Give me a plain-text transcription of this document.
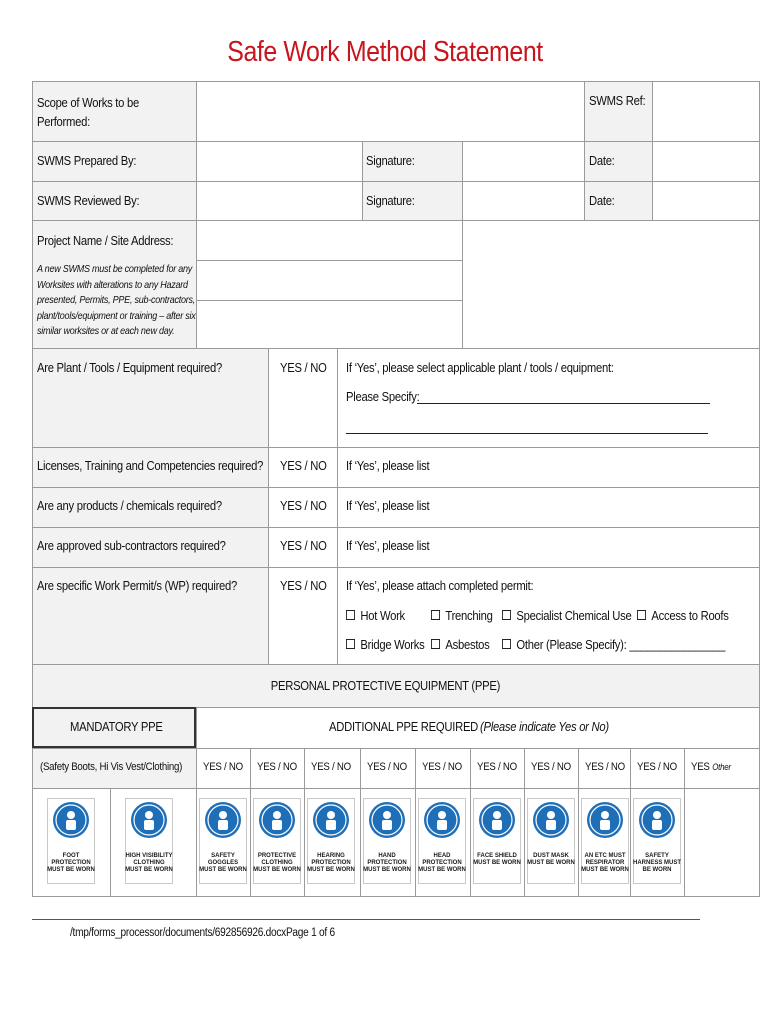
Safe Work Method Statement
Scope of Works to be Performed:
SWMS Ref:
SWMS Prepared By:	Signature:	Date:
SWMS Reviewed By:	Signature:	Date:
Project Name / Site Address:
A new SWMS must be completed for any Worksites with alterations to any Hazard presented, Permits, PPE, sub-contractors, plant/tools/equipment or training – after six similar worksites or at each new day.
Are Plant / Tools / Equipment required?	YES / NO If ‘Yes’, please select applicable plant / tools / equipment:
Please Specify:
Licenses, Training and Competencies required? YES / NO If ‘Yes’, please list
Are any products / chemicals required?	YES / NO If ‘Yes’, please list
Are approved sub-contractors required?	YES / NO If ‘Yes’, please list
Are specific Work Permit/s (WP) required?	YES / NO If ‘Yes’, please attach completed permit:
Hot Work	Trenching	Specialist Chemical Use	Access to Roofs
Bridge Works	Asbestos	Other (Please Specify): ________________
PERSONAL PROTECTIVE EQUIPMENT (PPE)
MANDATORY PPE	ADDITIONAL PPE REQUIRED (Please indicate Yes or No)
(Safety Boots, Hi Vis Vest/Clothing) YES / NO YES / NO YES / NO YES / NO YES / NO YES / NO YES / NO YES / NO YES / NO YES Other
FOOT PROTECTION MUST BE WORN
HIGH VISIBILITY CLOTHING MUST BE WORN
SAFETY GOGGLES MUST BE WORN
PROTECTIVE CLOTHING MUST BE WORN
HEARING PROTECTION MUST BE WORN
HAND PROTECTION MUST BE WORN
HEAD PROTECTION MUST BE WORN
FACE SHIELD MUST BE WORN
DUST MASK MUST BE WORN
AN ETC MUST RESPIRATOR MUST BE WORN
SAFETY HARNESS MUST BE WORN
/tmp/forms_processor/documents/692856926.docxPage 1 of 6
